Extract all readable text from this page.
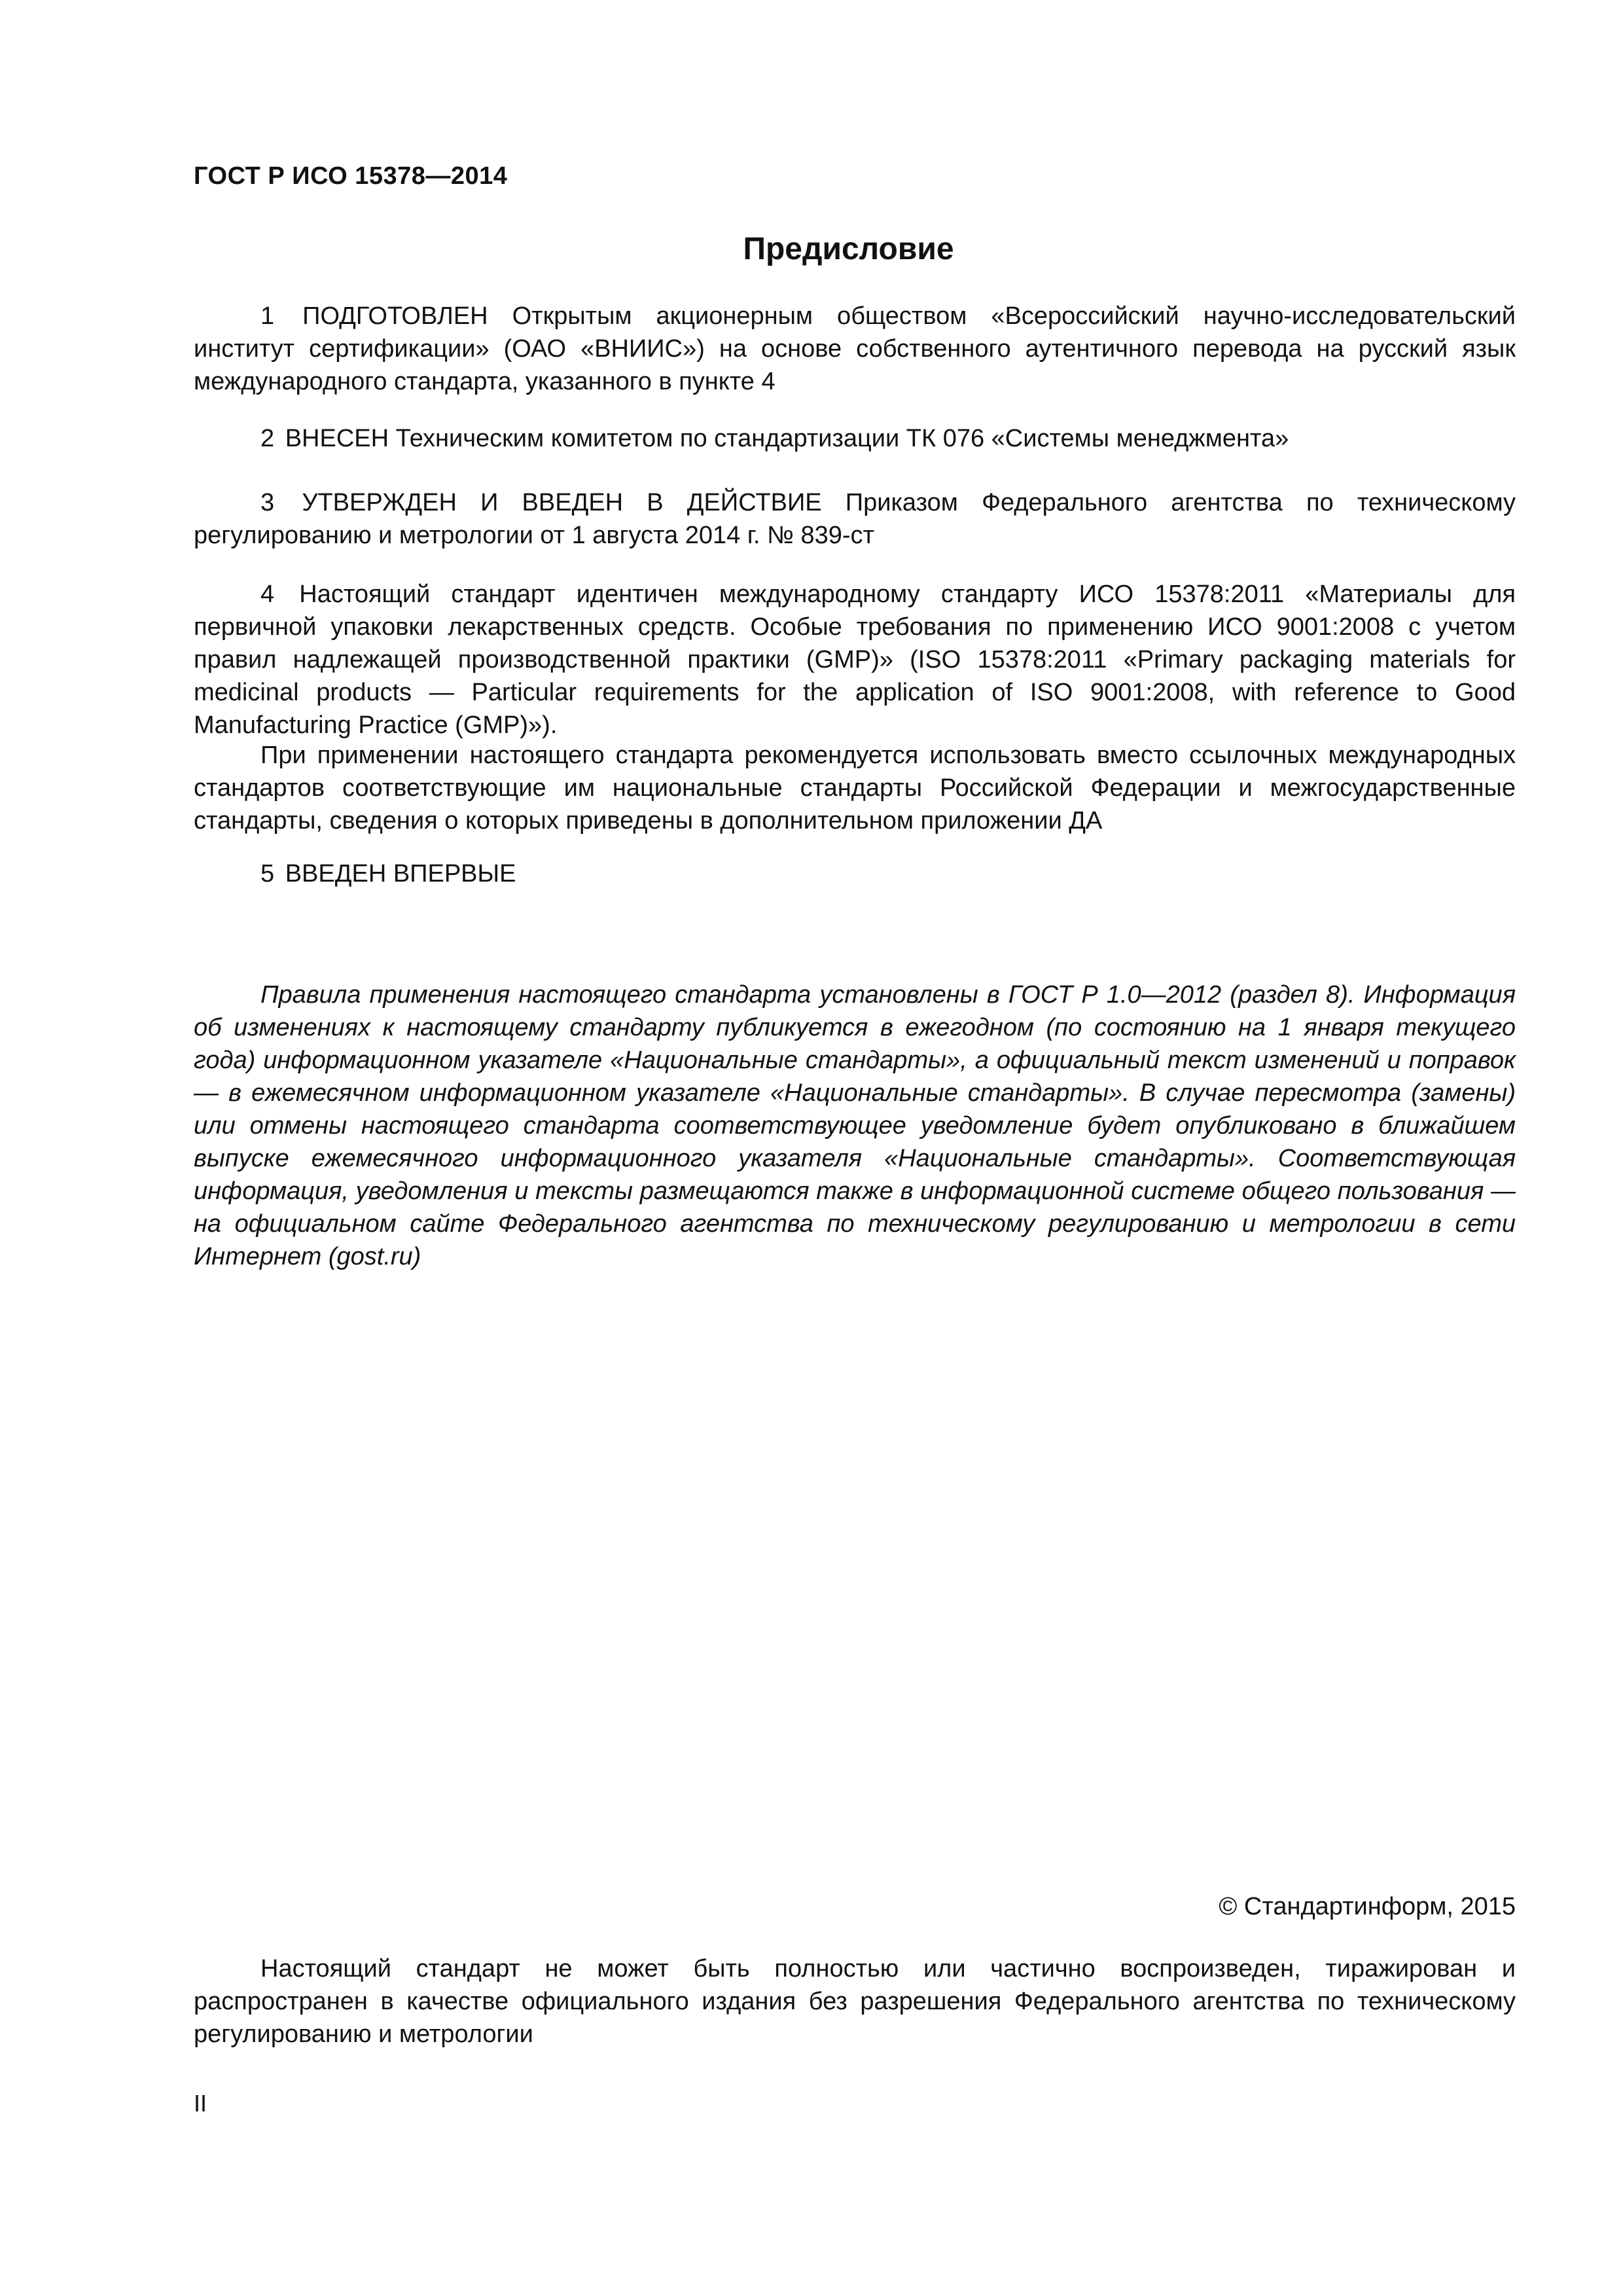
ГОСТ Р ИСО 15378—2014
Предисловие

1 ПОДГОТОВЛЕН Открытым акционерным обществом «Всероссийский научно-исследовательский институт сертификации» (ОАО «ВНИИС») на основе собственного аутентичного перевода на русский язык международного стандарта, указанного в пункте 4

2 ВНЕСЕН Техническим комитетом по стандартизации ТК 076 «Системы менеджмента»

3 УТВЕРЖДЕН И ВВЕДЕН В ДЕЙСТВИЕ Приказом Федерального агентства по техническому регулированию и метрологии от 1 августа 2014 г. № 839-ст

4 Настоящий стандарт идентичен международному стандарту ИСО 15378:2011 «Материалы для первичной упаковки лекарственных средств. Особые требования по применению ИСО 9001:2008 с учетом правил надлежащей производственной практики (GMP)» (ISO 15378:2011 «Primary packaging materials for medicinal products — Particular requirements for the application of ISO 9001:2008, with reference to Good Manufacturing Practice (GMP)»).

При применении настоящего стандарта рекомендуется использовать вместо ссылочных международных стандартов соответствующие им национальные стандарты Российской Федерации и межгосударственные стандарты, сведения о которых приведены в дополнительном приложении ДА

5 ВВЕДЕН ВПЕРВЫЕ

Правила применения настоящего стандарта установлены в ГОСТ Р 1.0—2012 (раздел 8). Информация об изменениях к настоящему стандарту публикуется в ежегодном (по состоянию на 1 января текущего года) информационном указателе «Национальные стандарты», а официальный текст изменений и поправок — в ежемесячном информационном указателе «Национальные стандарты». В случае пересмотра (замены) или отмены настоящего стандарта соответствующее уведомление будет опубликовано в ближайшем выпуске ежемесячного информационного указателя «Национальные стандарты». Соответствующая информация, уведомления и тексты размещаются также в информационной системе общего пользования — на официальном сайте Федерального агентства по техническому регулированию и метрологии в сети Интернет (gost.ru)

© Стандартинформ, 2015

Настоящий стандарт не может быть полностью или частично воспроизведен, тиражирован и распространен в качестве официального издания без разрешения Федерального агентства по техническому регулированию и метрологии

II
